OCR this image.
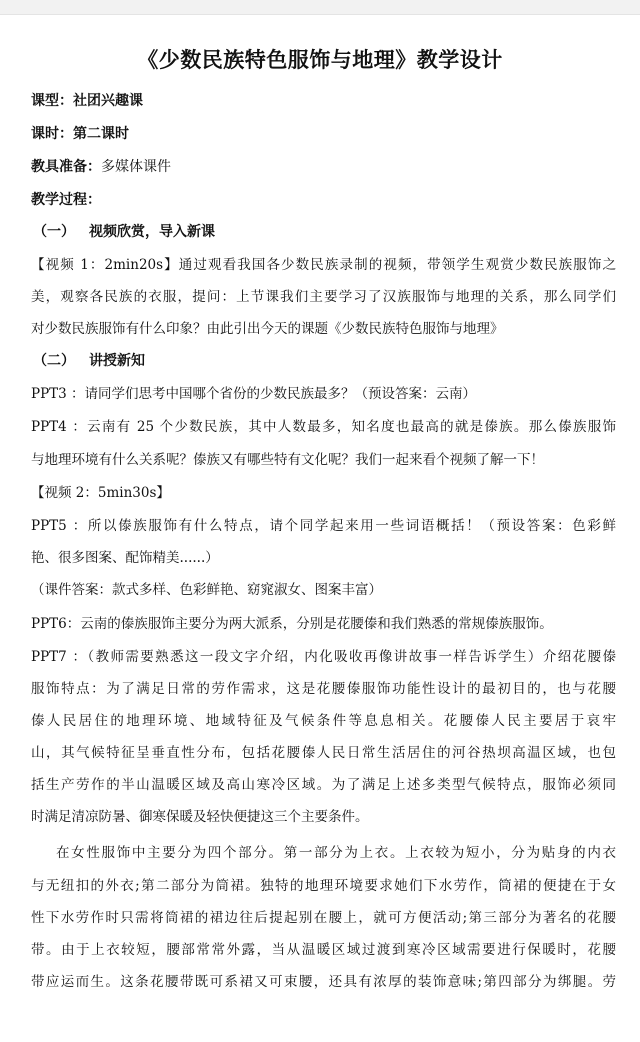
《少数民族特色服饰与地理》教学设计
课型：社团兴趣课
课时：第二课时
教具准备：多媒体课件
教学过程：
（一） 视频欣赏，导入新课
【视频 1：2min20s】通过观看我国各少数民族录制的视频，带领学生观赏少数民族服饰之
美，观察各民族的衣服，提问：上节课我们主要学习了汉族服饰与地理的关系，那么同学们
对少数民族服饰有什么印象？由此引出今天的课题《少数民族特色服饰与地理》
（二） 讲授新知
PPT3 ：请同学们思考中国哪个省份的少数民族最多？（预设答案：云南）
PPT4 ：云南有 25 个少数民族，其中人数最多，知名度也最高的就是傣族。那么傣族服饰
与地理环境有什么关系呢？傣族又有哪些特有文化呢？我们一起来看个视频了解一下！
【视频 2：5min30s】
PPT5 ：所以傣族服饰有什么特点，请个同学起来用一些词语概括！（预设答案：色彩鲜
艳、很多图案、配饰精美......）
（课件答案：款式多样、色彩鲜艳、窈窕淑女、图案丰富）
PPT6：云南的傣族服饰主要分为两大派系，分别是花腰傣和我们熟悉的常规傣族服饰。
PPT7 ：（教师需要熟悉这一段文字介绍，内化吸收再像讲故事一样告诉学生）介绍花腰傣
服饰特点：为了满足日常的劳作需求，这是花腰傣服饰功能性设计的最初目的，也与花腰
傣人民居住的地理环境、地域特征及气候条件等息息相关。花腰傣人民主要居于哀牢
山，其气候特征呈垂直性分布，包括花腰傣人民日常生活居住的河谷热坝高温区域，也包
括生产劳作的半山温暖区域及高山寒冷区域。为了满足上述多类型气候特点，服饰必须同
时满足清凉防暑、御寒保暖及轻快便捷这三个主要条件。
在女性服饰中主要分为四个部分。第一部分为上衣。上衣较为短小，分为贴身的内衣
与无纽扣的外衣;第二部分为筒裙。独特的地理环境要求她们下水劳作，筒裙的便捷在于女
性下水劳作时只需将筒裙的裙边往后提起别在腰上，就可方便活动;第三部分为著名的花腰
带。由于上衣较短，腰部常常外露，当从温暖区域过渡到寒冷区域需要进行保暖时，花腰
带应运而生。这条花腰带既可系裙又可束腰，还具有浓厚的装饰意味;第四部分为绑腿。劳
